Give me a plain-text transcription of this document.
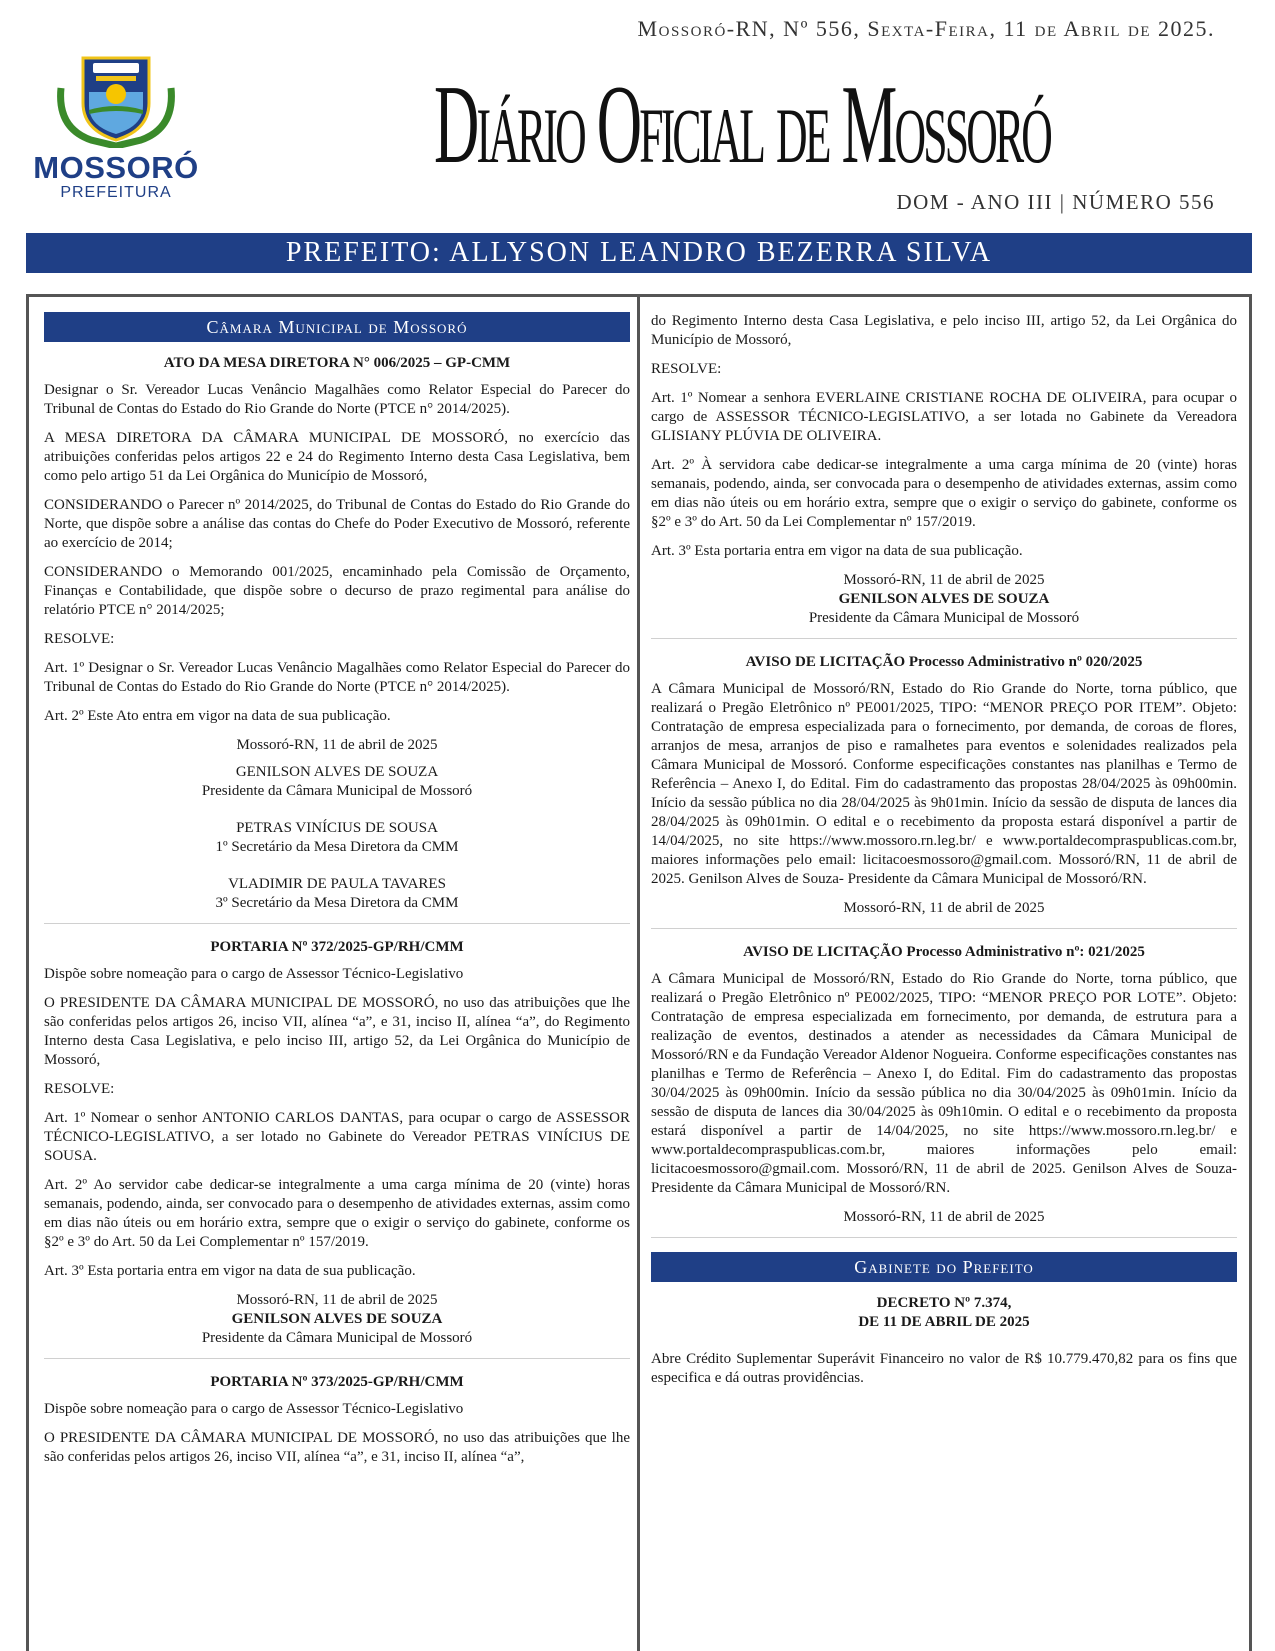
Mossoró-RN, Nº 556, Sexta-Feira, 11 de Abril de 2025.
MOSSORÓ
PREFEITURA
Diário Oficial de Mossoró
DOM - ANO III | NÚMERO 556
PREFEITO: ALLYSON LEANDRO BEZERRA SILVA
Câmara Municipal de Mossoró
ATO DA MESA DIRETORA N° 006/2025 – GP-CMM
Designar o Sr. Vereador Lucas Venâncio Magalhães como Relator Especial do Parecer do Tribunal de Contas do Estado do Rio Grande do Norte (PTCE n° 2014/2025).
A MESA DIRETORA DA CÂMARA MUNICIPAL DE MOSSORÓ, no exercício das atribuições conferidas pelos artigos 22 e 24 do Regimento Interno desta Casa Legislativa, bem como pelo artigo 51 da Lei Orgânica do Município de Mossoró,
CONSIDERANDO o Parecer nº 2014/2025, do Tribunal de Contas do Estado do Rio Grande do Norte, que dispõe sobre a análise das contas do Chefe do Poder Executivo de Mossoró, referente ao exercício de 2014;
CONSIDERANDO o Memorando 001/2025, encaminhado pela Comissão de Orçamento, Finanças e Contabilidade, que dispõe sobre o decurso de prazo regimental para análise do relatório PTCE n° 2014/2025;
RESOLVE:
Art. 1º Designar o Sr. Vereador Lucas Venâncio Magalhães como Relator Especial do Parecer do Tribunal de Contas do Estado do Rio Grande do Norte (PTCE n° 2014/2025).
Art. 2º Este Ato entra em vigor na data de sua publicação.
Mossoró-RN, 11 de abril de 2025
GENILSON ALVES DE SOUZA
Presidente da Câmara Municipal de Mossoró
PETRAS VINÍCIUS DE SOUSA
1º Secretário da Mesa Diretora da CMM
VLADIMIR DE PAULA TAVARES
3º Secretário da Mesa Diretora da CMM
PORTARIA Nº 372/2025-GP/RH/CMM
Dispõe sobre nomeação para o cargo de Assessor Técnico-Legislativo
O PRESIDENTE DA CÂMARA MUNICIPAL DE MOSSORÓ, no uso das atribuições que lhe são conferidas pelos artigos 26, inciso VII, alínea “a”, e 31, inciso II, alínea “a”, do Regimento Interno desta Casa Legislativa, e pelo inciso III, artigo 52, da Lei Orgânica do Município de Mossoró,
RESOLVE:
Art. 1º Nomear o senhor ANTONIO CARLOS DANTAS, para ocupar o cargo de ASSESSOR TÉCNICO-LEGISLATIVO, a ser lotado no Gabinete do Vereador PETRAS VINÍCIUS DE SOUSA.
Art. 2º Ao servidor cabe dedicar-se integralmente a uma carga mínima de 20 (vinte) horas semanais, podendo, ainda, ser convocado para o desempenho de atividades externas, assim como em dias não úteis ou em horário extra, sempre que o exigir o serviço do gabinete, conforme os §2º e 3º do Art. 50 da Lei Complementar nº 157/2019.
Art. 3º Esta portaria entra em vigor na data de sua publicação.
Mossoró-RN, 11 de abril de 2025
GENILSON ALVES DE SOUZA
Presidente da Câmara Municipal de Mossoró
PORTARIA Nº 373/2025-GP/RH/CMM
Dispõe sobre nomeação para o cargo de Assessor Técnico-Legislativo
O PRESIDENTE DA CÂMARA MUNICIPAL DE MOSSORÓ, no uso das atribuições que lhe são conferidas pelos artigos 26, inciso VII, alínea “a”, e 31, inciso II, alínea “a”,
do Regimento Interno desta Casa Legislativa, e pelo inciso III, artigo 52, da Lei Orgânica do Município de Mossoró,
RESOLVE:
Art. 1º Nomear a senhora EVERLAINE CRISTIANE ROCHA DE OLIVEIRA, para ocupar o cargo de ASSESSOR TÉCNICO-LEGISLATIVO, a ser lotada no Gabinete da Vereadora GLISIANY PLÚVIA DE OLIVEIRA.
Art. 2º À servidora cabe dedicar-se integralmente a uma carga mínima de 20 (vinte) horas semanais, podendo, ainda, ser convocada para o desempenho de atividades externas, assim como em dias não úteis ou em horário extra, sempre que o exigir o serviço do gabinete, conforme os §2º e 3º do Art. 50 da Lei Complementar nº 157/2019.
Art. 3º Esta portaria entra em vigor na data de sua publicação.
Mossoró-RN, 11 de abril de 2025
GENILSON ALVES DE SOUZA
Presidente da Câmara Municipal de Mossoró
AVISO DE LICITAÇÃO Processo Administrativo nº 020/2025
A Câmara Municipal de Mossoró/RN, Estado do Rio Grande do Norte, torna público, que realizará o Pregão Eletrônico nº PE001/2025, TIPO: “MENOR PREÇO POR ITEM”. Objeto: Contratação de empresa especializada para o fornecimento, por demanda, de coroas de flores, arranjos de mesa, arranjos de piso e ramalhetes para eventos e solenidades realizados pela Câmara Municipal de Mossoró. Conforme especificações constantes nas planilhas e Termo de Referência – Anexo I, do Edital. Fim do cadastramento das propostas 28/04/2025 às 09h00min. Início da sessão pública no dia 28/04/2025 às 9h01min. Início da sessão de disputa de lances dia 28/04/2025 às 09h01min. O edital e o recebimento da proposta estará disponível a partir de 14/04/2025, no site https://www.mossoro.rn.leg.br/ e www.portaldecompraspublicas.com.br, maiores informações pelo email: licitacoesmossoro@gmail.com. Mossoró/RN, 11 de abril de 2025. Genilson Alves de Souza- Presidente da Câmara Municipal de Mossoró/RN.
Mossoró-RN, 11 de abril de 2025
AVISO DE LICITAÇÃO Processo Administrativo nº: 021/2025
A Câmara Municipal de Mossoró/RN, Estado do Rio Grande do Norte, torna público, que realizará o Pregão Eletrônico nº PE002/2025, TIPO: “MENOR PREÇO POR LOTE”. Objeto: Contratação de empresa especializada em fornecimento, por demanda, de estrutura para a realização de eventos, destinados a atender as necessidades da Câmara Municipal de Mossoró/RN e da Fundação Vereador Aldenor Nogueira. Conforme especificações constantes nas planilhas e Termo de Referência – Anexo I, do Edital. Fim do cadastramento das propostas 30/04/2025 às 09h00min. Início da sessão pública no dia 30/04/2025 às 09h01min. Início da sessão de disputa de lances dia 30/04/2025 às 09h10min. O edital e o recebimento da proposta estará disponível a partir de 14/04/2025, no site https://www.mossoro.rn.leg.br/ e www.portaldecompraspublicas.com.br, maiores informações pelo email: licitacoesmossoro@gmail.com. Mossoró/RN, 11 de abril de 2025. Genilson Alves de Souza- Presidente da Câmara Municipal de Mossoró/RN.
Mossoró-RN, 11 de abril de 2025
Gabinete do Prefeito
DECRETO Nº 7.374,
DE 11 DE ABRIL DE 2025
Abre Crédito Suplementar Superávit Financeiro no valor de R$ 10.779.470,82 para os fins que especifica e dá outras providências.
